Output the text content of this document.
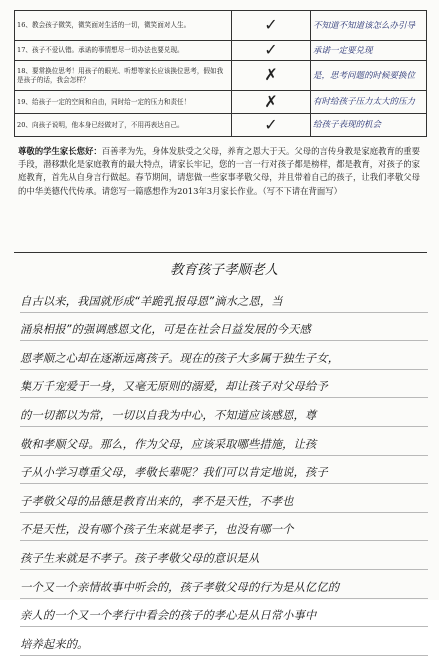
16、教会孩子微笑，微笑面对生活的一切，微笑面对人生。	✓	不知道不知道该怎么办引导
17、孩子不爱认错。承诺的事情想尽一切办法也要兑现。	✓	承诺一定要兑现
18、要常换位思考！用孩子的眼光、听想等家长应该换位思考，假如我是孩子的话，我会怎样？	✗	是，思考问题的时候要换位
19、给孩子一定的空间和自由，同时给一定的压力和责任！	✗	有时给孩子压力太大的压力
20、向孩子说明，他本身已经做对了，不用再表达自己。	✓	给孩子表现的机会
尊敬的学生家长您好：百善孝为先，身体发肤受之父母，养育之恩大于天。父母的言传身教是家庭教育的重要手段，潜移默化是家庭教育的最大特点，请家长牢记，您的一言一行对孩子都是榜样，都是教育，对孩子的家庭教育，首先从自身言行做起。春节期间，请您做一些家事孝敬父母，并且带着自己的孩子，让我们孝敬父母的中华美德代代传承。请您写一篇感想作为2013年3月家长作业。（写不下请在背面写）
教育孩子孝顺老人
自古以来，我国就形成“羊跪乳报母恩”滴水之恩，当
涌泉相报”的强调感恩文化，可是在社会日益发展的今天感
恩孝顺之心却在逐渐远离孩子。现在的孩子大多属于独生子女，
集万千宠爱于一身，又毫无原则的溺爱，却让孩子对父母给予
的一切都以为常，一切以自我为中心，不知道应该感恩，尊
敬和孝顺父母。那么，作为父母，应该采取哪些措施，让孩
子从小学习尊重父母，孝敬长辈呢？我们可以肯定地说，孩子
子孝敬父母的品德是教育出来的，孝不是天性，不孝也
不是天性，没有哪个孩子生来就是孝子，也没有哪一个
孩子生来就是不孝子。孩子孝敬父母的意识是从
一个又一个亲情故事中听会的，孩子孝敬父母的行为是从亿亿的
亲人的一个又一个孝行中看会的孩子的孝心是从日常小事中
培养起来的。
